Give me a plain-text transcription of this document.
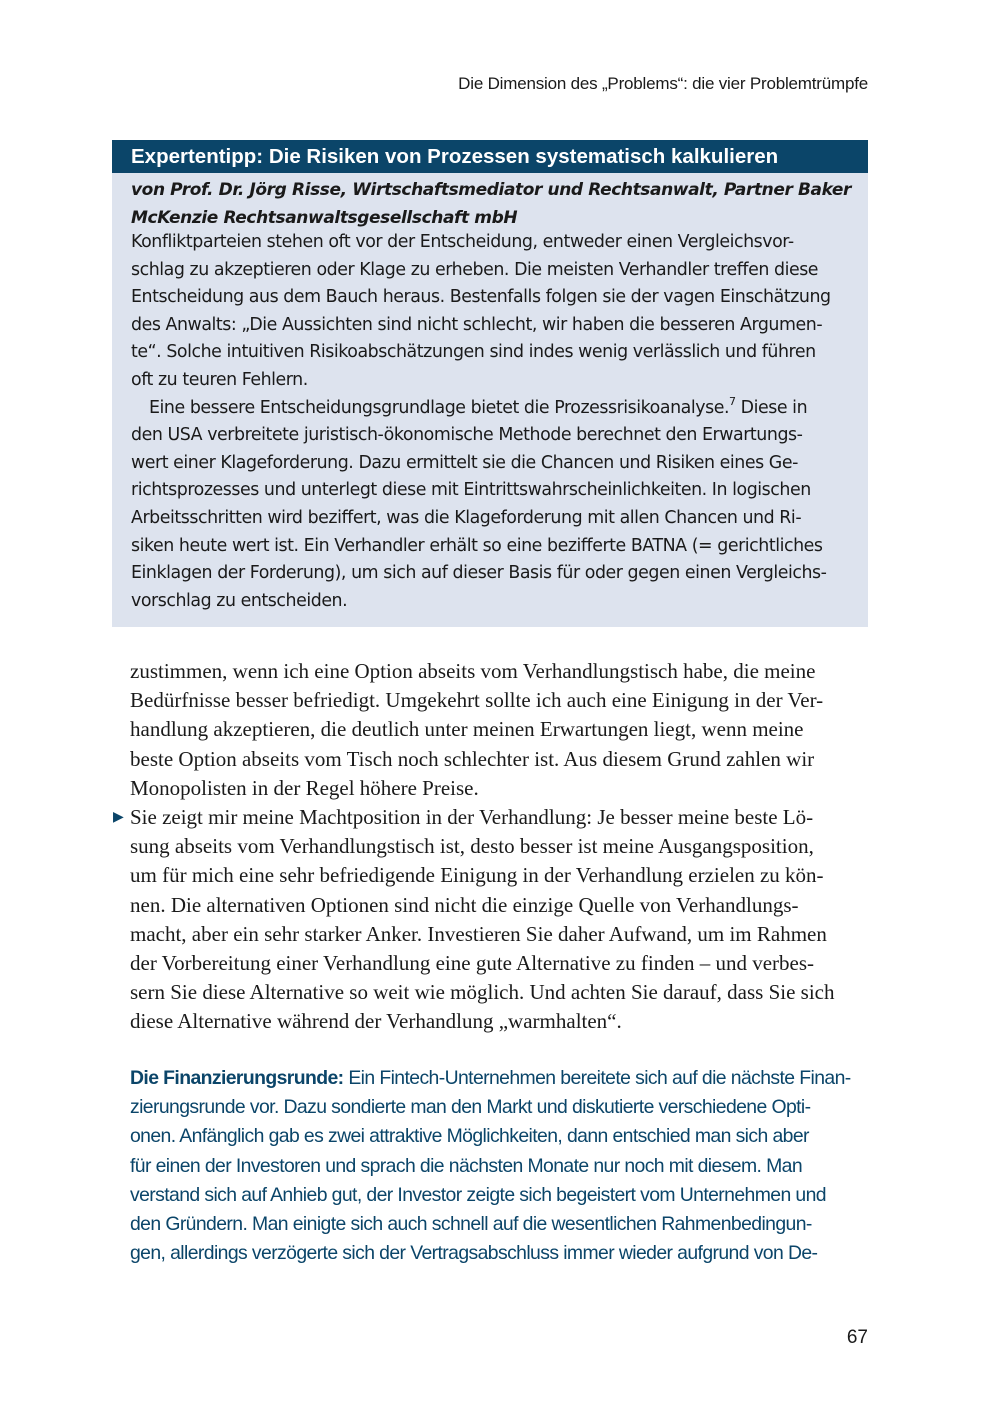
Die Dimension des „Problems“: die vier Problemtrümpfe
Expertentipp: Die Risiken von Prozessen systematisch kalkulieren
von Prof. Dr. Jörg Risse, Wirtschaftsmediator und Rechtsanwalt, Partner Baker
McKenzie Rechtsanwaltsgesellschaft mbH
Konfliktparteien stehen oft vor der Entscheidung, entweder einen Vergleichsvor-
schlag zu akzeptieren oder Klage zu erheben. Die meisten Verhandler treffen diese
Entscheidung aus dem Bauch heraus. Bestenfalls folgen sie der vagen Einschätzung
des Anwalts: „Die Aussichten sind nicht schlecht, wir haben die besseren Argumen-
te“. Solche intuitiven Risikoabschätzungen sind indes wenig verlässlich und führen
oft zu teuren Fehlern.
Eine bessere Entscheidungsgrundlage bietet die Prozessrisikoanalyse.$^7$ Diese in
den USA verbreitete juristisch-ökonomische Methode berechnet den Erwartungs-
wert einer Klageforderung. Dazu ermittelt sie die Chancen und Risiken eines Ge-
richtsprozesses und unterlegt diese mit Eintrittswahrscheinlichkeiten. In logischen
Arbeitsschritten wird beziffert, was die Klageforderung mit allen Chancen und Ri-
siken heute wert ist. Ein Verhandler erhält so eine bezifferte BATNA (= gerichtliches
Einklagen der Forderung), um sich auf dieser Basis für oder gegen einen Vergleichs-
vorschlag zu entscheiden.
zustimmen, wenn ich eine Option abseits vom Verhandlungstisch habe, die meine
Bedürfnisse besser befriedigt. Umgekehrt sollte ich auch eine Einigung in der Ver-
handlung akzeptieren, die deutlich unter meinen Erwartungen liegt, wenn meine
beste Option abseits vom Tisch noch schlechter ist. Aus diesem Grund zahlen wir
Monopolisten in der Regel höhere Preise.
▶ Sie zeigt mir meine Machtposition in der Verhandlung: Je besser meine beste Lö-
sung abseits vom Verhandlungstisch ist, desto besser ist meine Ausgangsposition,
um für mich eine sehr befriedigende Einigung in der Verhandlung erzielen zu kön-
nen. Die alternativen Optionen sind nicht die einzige Quelle von Verhandlungs-
macht, aber ein sehr starker Anker. Investieren Sie daher Aufwand, um im Rahmen
der Vorbereitung einer Verhandlung eine gute Alternative zu finden – und verbes-
sern Sie diese Alternative so weit wie möglich. Und achten Sie darauf, dass Sie sich
diese Alternative während der Verhandlung „warmhalten“.
Die Finanzierungsrunde: Ein Fintech-Unternehmen bereitete sich auf die nächste Finan-
zierungsrunde vor. Dazu sondierte man den Markt und diskutierte verschiedene Opti-
onen. Anfänglich gab es zwei attraktive Möglichkeiten, dann entschied man sich aber
für einen der Investoren und sprach die nächsten Monate nur noch mit diesem. Man
verstand sich auf Anhieb gut, der Investor zeigte sich begeistert vom Unternehmen und
den Gründern. Man einigte sich auch schnell auf die wesentlichen Rahmenbedingun-
gen, allerdings verzögerte sich der Vertragsabschluss immer wieder aufgrund von De-
67
